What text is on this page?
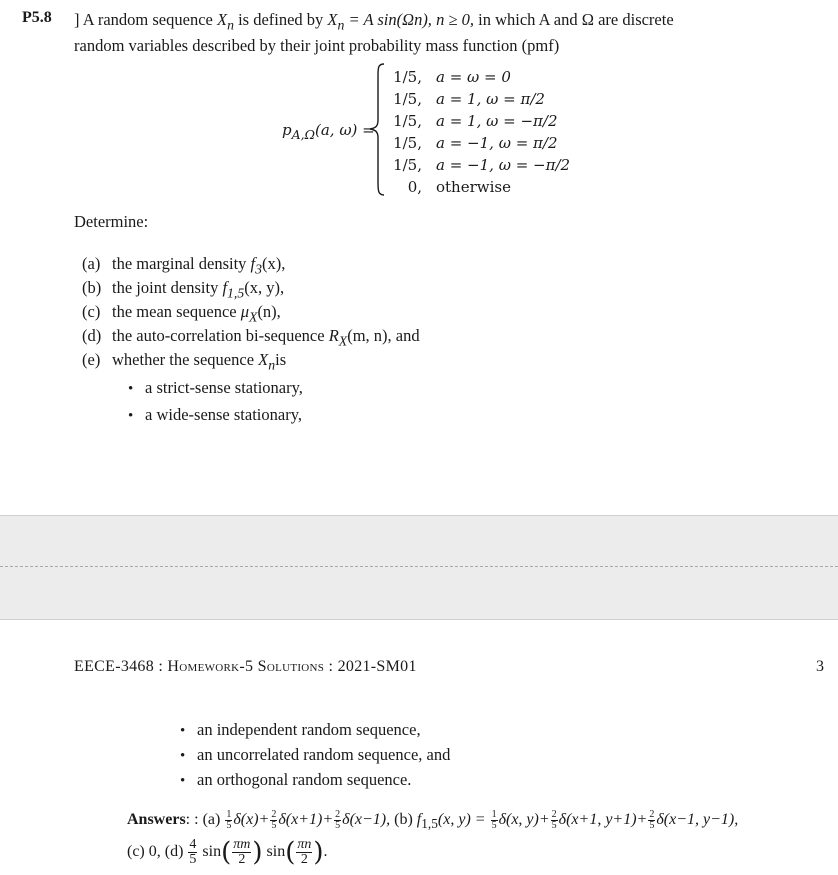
P5.8 ] A random sequence $X_n$ is defined by $X_n = A$ sin(Ωn), n ≥ 0, in which A and Ω are discrete
random variables described by their joint probability mass function (pmf)
$p_{A,\Omega}(a$, ω) =
1/5,	a = ω = 0
1/5,	a = 1, ω = π/2
1/5,	a = 1, ω = −π/2
1/5,	a = −1, ω = π/2
1/5,	a = −1, ω = −π/2
0,	otherwise
Determine:
(a) the marginal density $f_3(x)$,
(b) the joint density $f_{1,5}(x$, y),
(c) the mean sequence $\mu_X(n)$,
(d) the auto-correlation bi-sequence $R_X(m$, n), and
(e) whether the sequence $X_nis$
• a strict-sense stationary,
• a wide-sense stationary,
EECE-3468 : Homework-5 Solutions : 2021-SM01	3
• an independent random sequence,
• an uncorrelated random sequence, and
• an orthogonal random sequence.
Answers: : $(a) \frac{1}{5} \delta(x)+ \frac{2}{5} \delta(x+1)+ \frac{2}{5} \delta(x-1)$, (b) $f_{1,5}(x$, $y) = \frac{1}{5} \delta(x$, $y)+ \frac{2}{5} \delta(x+1$, $y+1)+ \frac{2}{5} \delta(x-1$, y−1),
(c) 0, $(d) \frac{4}{5} \sin( \frac{\pi m}{2}$ ) $\sin( \frac{\pi n}{2}$ ).
